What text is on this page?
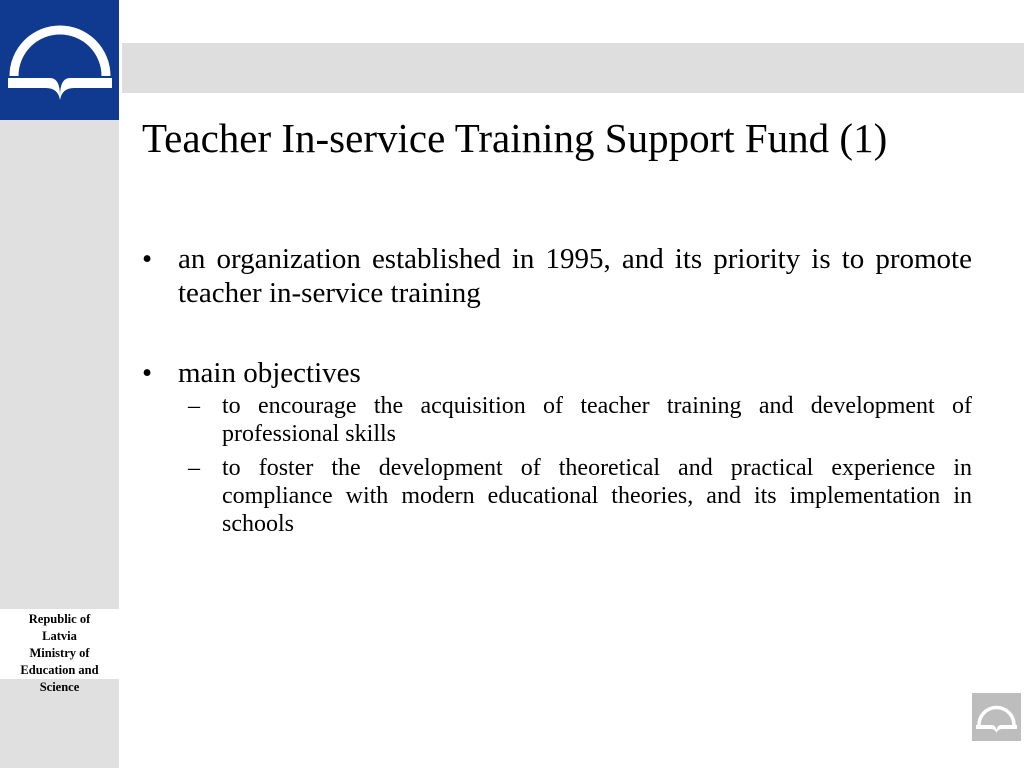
Republic of
Latvia
Ministry of
Education and
Science
Teacher In-service Training Support Fund (1)
• an organization established in 1995, and its priority is to promote teacher in-service training
• main objectives
– to encourage the acquisition of teacher training and development of professional skills
– to foster the development of theoretical and practical experience in compliance with modern educational theories, and its implementation in schools
